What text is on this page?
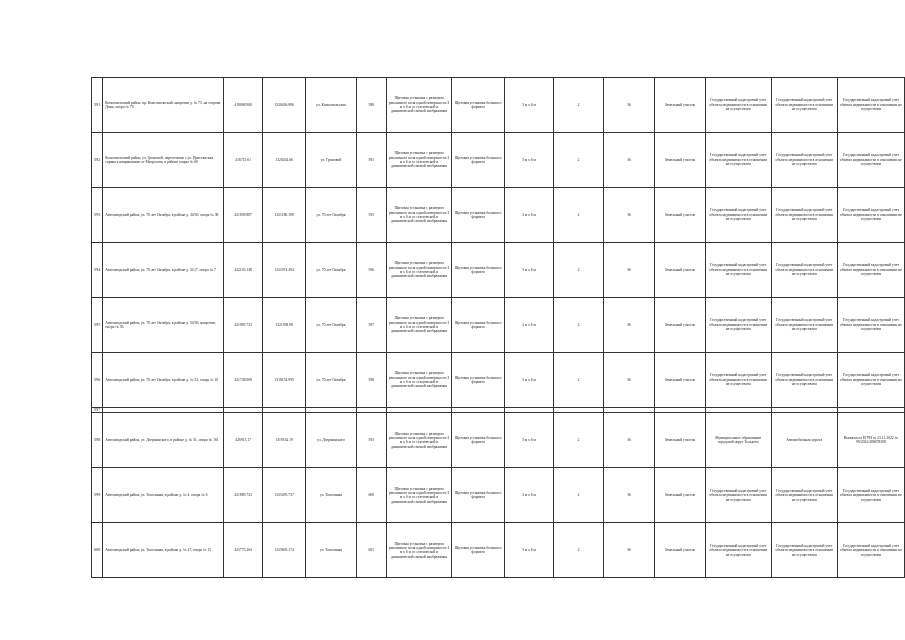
591	Комсомольский район, пр. Комсомольский, напротив д. № 73, на стороне Дома, опора № 70	418068.900	1320436.986	ул. Комсомольская	588	Щитовая установка с размером рекламного поля одной поверхности 3 м x 6 м со статической и динамической сменой изображения	Щитовая установка большого формата	3 м х 6 м	2	36	Земельный участок	Государственный кадастровый учет объекта недвижимости в отношении не осуществлен	Государственный кадастровый учет объекта недвижимости в отношении не осуществлен	Государственный кадастровый учет объекта недвижимости в отношении не осуществлен
592	Комсомольский район, ул. Громовой, пересечение с ул. Пристанская, справа к направлению от Матросова, в районе опоры № 60	416715.61	1320434.66	ул. Громовой	591	Щитовая установка с размером рекламного поля одной поверхности 3 м x 6 м со статической и динамической сменой изображения	Щитовая установка большого формата	3 м х 6 м	2	36	Земельный участок	Государственный кадастровый учет объекта недвижимости в отношении не осуществлен	Государственный кадастровый учет объекта недвижимости в отношении не осуществлен	Государственный кадастровый учет объекта недвижимости в отношении не осуществлен
593	Автозаводский район, ул. 70 лет Октября, в районе д. 34/30, опора № 38	421839.887	1321180.189	ул. 70 лет Октября	593	Щитовая установка с размером рекламного поля одной поверхности 3 м x 6 м со статической и динамической сменой изображения	Щитовая установка большого формата	3 м х 6 м	2	36	Земельный участок	Государственный кадастровый учет объекта недвижимости в отношении не осуществлен	Государственный кадастровый учет объекта недвижимости в отношении не осуществлен	Государственный кадастровый учет объекта недвижимости в отношении не осуществлен
594	Автозаводский район, ул. 70 лет Октября, в районе д. 34 (7, опора № 7	422103.148	1321074.294	ул. 70 лет Октября	596	Щитовая установка с размером рекламного поля одной поверхности 3 м x 6 м со статической и динамической сменой изображения	Щитовая установка большого формата	3 м х 6 м	2	36	Земельный участок	Государственный кадастровый учет объекта недвижимости в отношении не осуществлен	Государственный кадастровый учет объекта недвижимости в отношении не осуществлен	Государственный кадастровый учет объекта недвижимости в отношении не осуществлен
595	Автозаводский район, ул. 70 лет Октября, в районе д. 34/30, напротив, опора № 36	421985.723	1321038.98	ул. 70 лет Октября	597	Щитовая установка с размером рекламного поля одной поверхности 3 м x 6 м со статической и динамической сменой изображения	Щитовая установка большого формата	3 м х 6 м	2	36	Земельный участок	Государственный кадастровый учет объекта недвижимости в отношении не осуществлен	Государственный кадастровый учет объекта недвижимости в отношении не осуществлен	Государственный кадастровый учет объекта недвижимости в отношении не осуществлен
596	Автозаводский район, ул. 70 лет Октября, в районе д. № 52, опора № 10	421748.009	1318154.995	ул. 70 лет Октября	598	Щитовая установка с размером рекламного поля одной поверхности 3 м x 6 м со статической и динамической сменой изображения	Щитовая установка большого формата	3 м х 6 м	2	36	Земельный участок	Государственный кадастровый учет объекта недвижимости в отношении не осуществлен	Государственный кадастровый учет объекта недвижимости в отношении не осуществлен	Государственный кадастровый учет объекта недвижимости в отношении не осуществлен
597														
598	Автозаводский район, ул. Дзержинского, в районе д. № 31, опора № 161	426913.17	1319162.19	ул. Дзержинского	593	Щитовая установка с размером рекламного поля одной поверхности 3 м x 6 м со статической и динамической сменой изображения	Щитовая установка большого формата	3 м х 6 м	2	36	Земельный участок	Муниципальное образование городской округ Тольятти	Автомобильная дорога	Выписка из ЕГРН от 23.11.2022 № 99/2022/480678308
599	Автозаводский район, ул. Тополиная, в районе д. № 4, опора № 6	421889.723	1325495.737	ул. Тополиная	600	Щитовая установка с размером рекламного поля одной поверхности 3 м x 6 м со статической и динамической сменой изображения	Щитовая установка большого формата	3 м х 6 м	2	36	Земельный участок	Государственный кадастровый учет объекта недвижимости в отношении не осуществлен	Государственный кадастровый учет объекта недвижимости в отношении не осуществлен	Государственный кадастровый учет объекта недвижимости в отношении не осуществлен
600	Автозаводский район, ул. Тополиная, в районе д. № 27, опора № 15	425775.264	1325603.174	ул. Тополиная	601	Щитовая установка с размером рекламного поля одной поверхности 3 м x 6 м со статической и динамической сменой изображения	Щитовая установка большого формата	3 м х 6 м	2	36	Земельный участок	Государственный кадастровый учет объекта недвижимости в отношении не осуществлен	Государственный кадастровый учет объекта недвижимости в отношении не осуществлен	Государственный кадастровый учет объекта недвижимости в отношении не осуществлен
